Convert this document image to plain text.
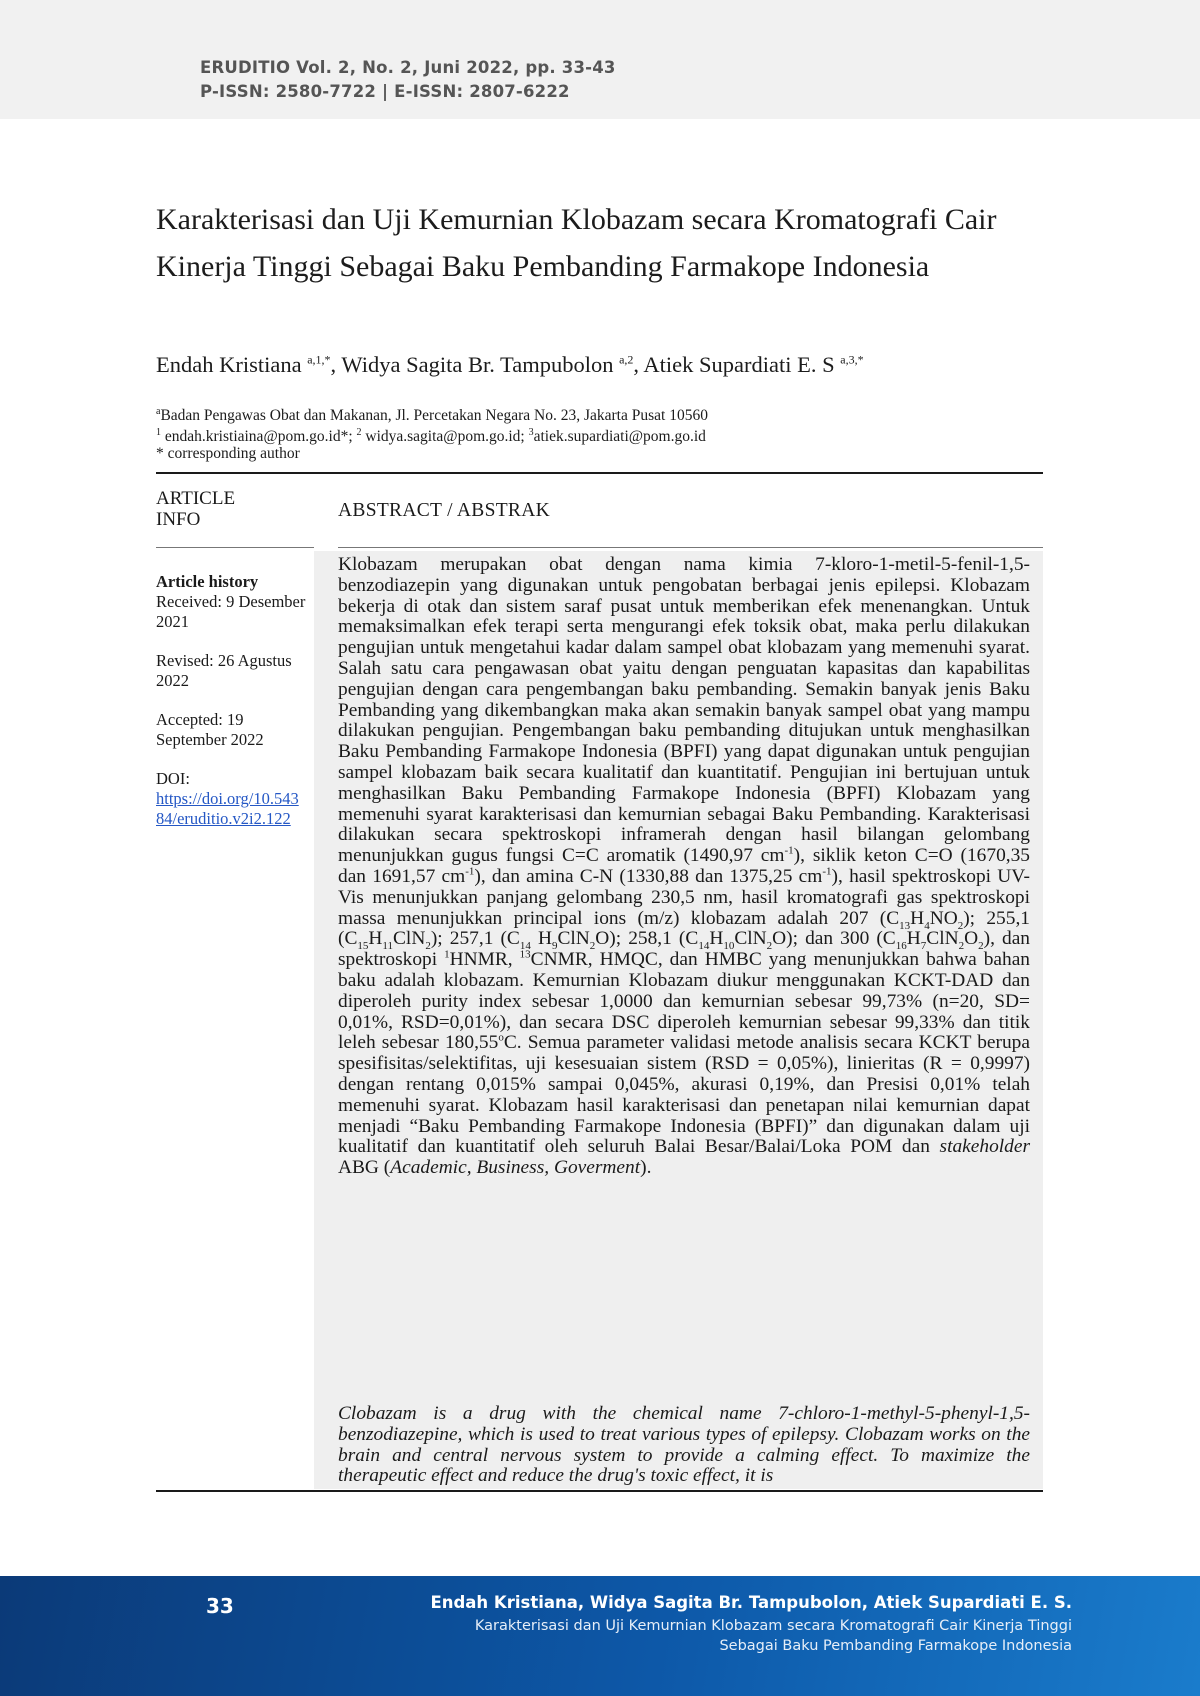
ERUDITIO Vol. 2, No. 2, Juni 2022, pp. 33-43
P-ISSN: 2580-7722 | E-ISSN: 2807-6222
Karakterisasi dan Uji Kemurnian Klobazam secara Kromatografi Cair Kinerja Tinggi Sebagai Baku Pembanding Farmakope Indonesia
Endah Kristiana $^{a,1,*}$, Widya Sagita Br. Tampubolon $^{a,2}$, Atiek Supardiati E. S $^{a,3,*}$
$^a$Badan Pengawas Obat dan Makanan, Jl. Percetakan Negara No. 23, Jakarta Pusat 10560
$^1$ endah.kristiaina@pom.go.id*; $^2$ widya.sagita@pom.go.id; $^3$atiek.supardiati@pom.go.id
* corresponding author
ARTICLE
INFO	ABSTRACT / ABSTRAK

Article history

Received: 9 Desember 2021

Revised: 26 Agustus 2022

Accepted: 19 September 2022

DOI:

https://doi.org/10.54384/eruditio.v2i2.122

Klobazam merupakan obat dengan nama kimia 7-kloro-1-metil-5-fenil-1,5-benzodiazepin yang digunakan untuk pengobatan berbagai jenis epilepsi. Klobazam bekerja di otak dan sistem saraf pusat untuk memberikan efek menenangkan. Untuk memaksimalkan efek terapi serta mengurangi efek toksik obat, maka perlu dilakukan pengujian untuk mengetahui kadar dalam sampel obat klobazam yang memenuhi syarat. Salah satu cara pengawasan obat yaitu dengan penguatan kapasitas dan kapabilitas pengujian dengan cara pengembangan baku pembanding. Semakin banyak jenis Baku Pembanding yang dikembangkan maka akan semakin banyak sampel obat yang mampu dilakukan pengujian. Pengembangan baku pembanding ditujukan untuk menghasilkan Baku Pembanding Farmakope Indonesia (BPFI) yang dapat digunakan untuk pengujian sampel klobazam baik secara kualitatif dan kuantitatif. Pengujian ini bertujuan untuk menghasilkan Baku Pembanding Farmakope Indonesia (BPFI) Klobazam yang memenuhi syarat karakterisasi dan kemurnian sebagai Baku Pembanding. Karakterisasi dilakukan secara spektroskopi inframerah dengan hasil bilangan gelombang menunjukkan gugus fungsi C=C aromatik (1490,97 $cm^{-1}$), siklik keton C=O (1670,35 dan 1691,57 $cm^{-1}$), dan amina C-N (1330,88 dan 1375,25 $cm^{-1}$), hasil spektroskopi UV-Vis menunjukkan panjang gelombang 230,5 nm, hasil kromatografi gas spektroskopi massa menunjukkan principal ions (m/z) klobazam adalah 207 $(C_{13}H_4NO_2)$; 255,1 $(C_{15}H_{11}ClN_2)$; 257,1 ($C_{14}$ $H_9ClN_2O$); 258,1 $(C_{14}H_{10}ClN_2O)$; dan 300 $(C_{16}H_7ClN_2O_2)$, dan spektroskopi $^1$HNMR, $^{13}$CNMR, HMQC, dan HMBC yang menunjukkan bahwa bahan baku adalah klobazam. Kemurnian Klobazam diukur menggunakan KCKT-DAD dan diperoleh purity index sebesar 1,0000 dan kemurnian sebesar 99,73% (n=20, SD= 0,01%, RSD=0,01%), dan secara DSC diperoleh kemurnian sebesar 99,33% dan titik leleh sebesar 180,55$^o$C. Semua parameter validasi metode analisis secara KCKT berupa spesifisitas/selektifitas, uji kesesuaian sistem (RSD = 0,05%), linieritas (R = 0,9997) dengan rentang 0,015% sampai 0,045%, akurasi 0,19%, dan Presisi 0,01% telah memenuhi syarat. Klobazam hasil karakterisasi dan penetapan nilai kemurnian dapat menjadi “Baku Pembanding Farmakope Indonesia (BPFI)” dan digunakan dalam uji kualitatif dan kuantitatif oleh seluruh Balai Besar/Balai/Loka POM dan stakeholder ABG (Academic, Business, Goverment).

Clobazam is a drug with the chemical name 7-chloro-1-methyl-5-phenyl-1,5-benzodiazepine, which is used to treat various types of epilepsy. Clobazam works on the brain and central nervous system to provide a calming effect. To maximize the therapeutic effect and reduce the drug's toxic effect, it is

33	Endah Kristiana, Widya Sagita Br. Tampubolon, Atiek Supardiati E. S.
Karakterisasi dan Uji Kemurnian Klobazam secara Kromatografi Cair Kinerja Tinggi
Sebagai Baku Pembanding Farmakope Indonesia
